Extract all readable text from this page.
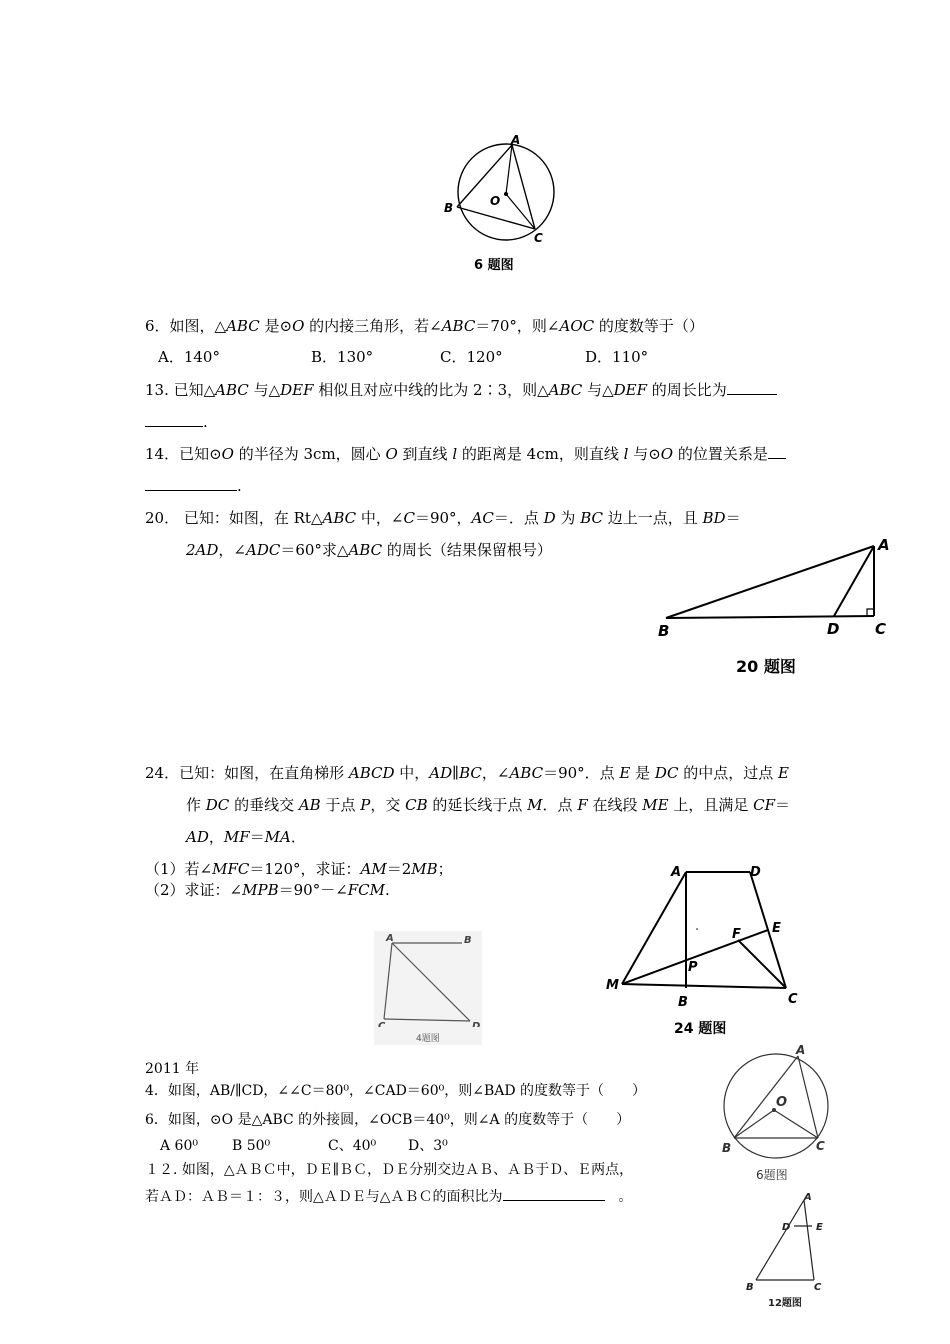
A
B
C
O
6 题图
6．如图，△ABC 是⊙O 的内接三角形，若∠ABC＝70°，则∠AOC 的度数等于（）
A．140°	B．130°	C．120°	D．110°
13. 已知△ABC 与△DEF 相似且对应中线的比为 2∶3，则△ABC 与△DEF 的周长比为
.
14．已知⊙O 的半径为 3cm，圆心 O 到直线 l 的距离是 4cm，则直线 l 与⊙O 的位置关系是
.
20． 已知：如图，在 Rt△ABC 中，∠C＝90°，AC＝．点 D 为 BC 边上一点，且 BD＝
2AD，∠ADC＝60°求△ABC 的周长（结果保留根号）	A
B	D C
20 题图
24．已知：如图，在直角梯形 ABCD 中，AD∥BC，∠ABC＝90°．点 E 是 DC 的中点，过点 E
作 DC 的垂线交 AB 于点 P，交 CB 的延长线于点 M．点 F 在线段 ME 上，且满足 CF＝
AD，MF＝MA．
（1）若∠MFC＝120°，求证：AM＝2MB；
（2）求证：∠MPB＝90°－∠FCM.
A	D
E
F
P
M
B	C
24 题图
A	B
C	D
4题图
2011 年
4．如图，AB/∥CD，∠∠C＝80⁰，∠CAD＝60⁰，则∠BAD 的度数等于（　　）
6．如图，⊙O 是△ABC 的外接圆，∠OCB＝40⁰，则∠A 的度数等于（　　）
A 60⁰ B 50⁰	C、40⁰ D、3⁰
１２. 如图，△ＡＢＣ中，ＤＥ∥ＢＣ，ＤＥ分别交边ＡＢ、ＡＢ于Ｄ、Ｅ两点，
若ＡＤ：ＡＢ＝１：３，则△ＡＤＥ与△ＡＢＣ的面积比为	　。
A
B	C
O
6题图
A
D	E
B	C
12题图
